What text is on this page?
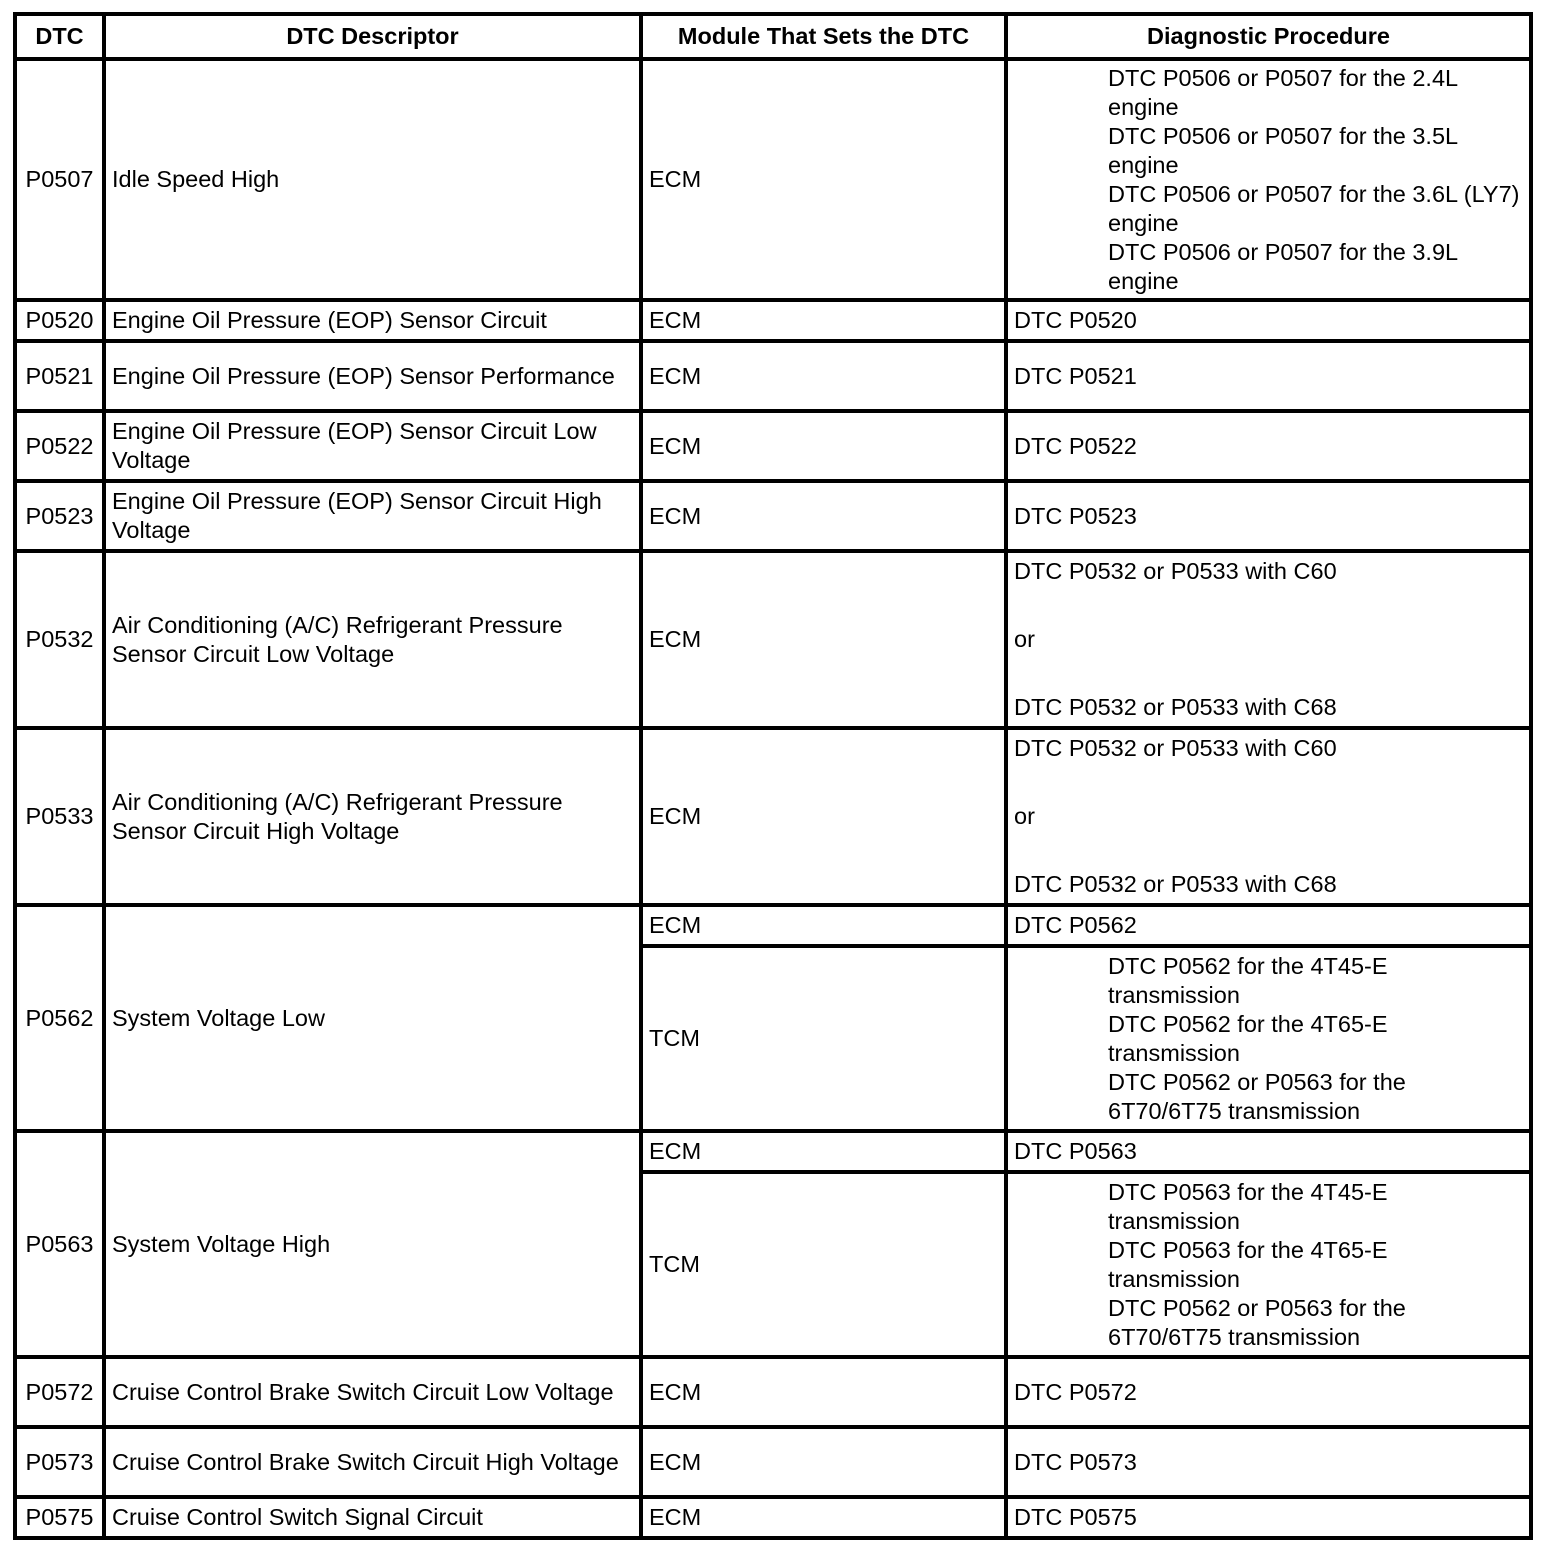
DTC	DTC Descriptor	Module That Sets the DTC	Diagnostic Procedure
P0507	Idle Speed High	ECM	DTC P0506 or P0507 for the 2.4L engine
DTC P0506 or P0507 for the 3.5L engine
DTC P0506 or P0507 for the 3.6L (LY7) engine
DTC P0506 or P0507 for the 3.9L engine

P0520	Engine Oil Pressure (EOP) Sensor Circuit	ECM	DTC P0520
P0521	Engine Oil Pressure (EOP) Sensor Performance	ECM	DTC P0521
P0522	Engine Oil Pressure (EOP) Sensor Circuit Low Voltage	ECM	DTC P0522
P0523	Engine Oil Pressure (EOP) Sensor Circuit High Voltage	ECM	DTC P0523
P0532	Air Conditioning (A/C) Refrigerant Pressure Sensor Circuit Low Voltage	ECM	DTC P0532 or P0533 with C60
or
DTC P0532 or P0533 with C68

P0533	Air Conditioning (A/C) Refrigerant Pressure Sensor Circuit High Voltage	ECM	DTC P0532 or P0533 with C60
or
DTC P0532 or P0533 with C68

P0562	System Voltage Low	ECM	DTC P0562
		TCM	DTC P0562 for the 4T45-E transmission
DTC P0562 for the 4T65-E transmission
DTC P0562 or P0563 for the 6T70/6T75 transmission

P0563	System Voltage High	ECM	DTC P0563
		TCM	DTC P0563 for the 4T45-E transmission
DTC P0563 for the 4T65-E transmission
DTC P0562 or P0563 for the 6T70/6T75 transmission

P0572	Cruise Control Brake Switch Circuit Low Voltage	ECM	DTC P0572
P0573	Cruise Control Brake Switch Circuit High Voltage	ECM	DTC P0573
P0575	Cruise Control Switch Signal Circuit	ECM	DTC P0575
